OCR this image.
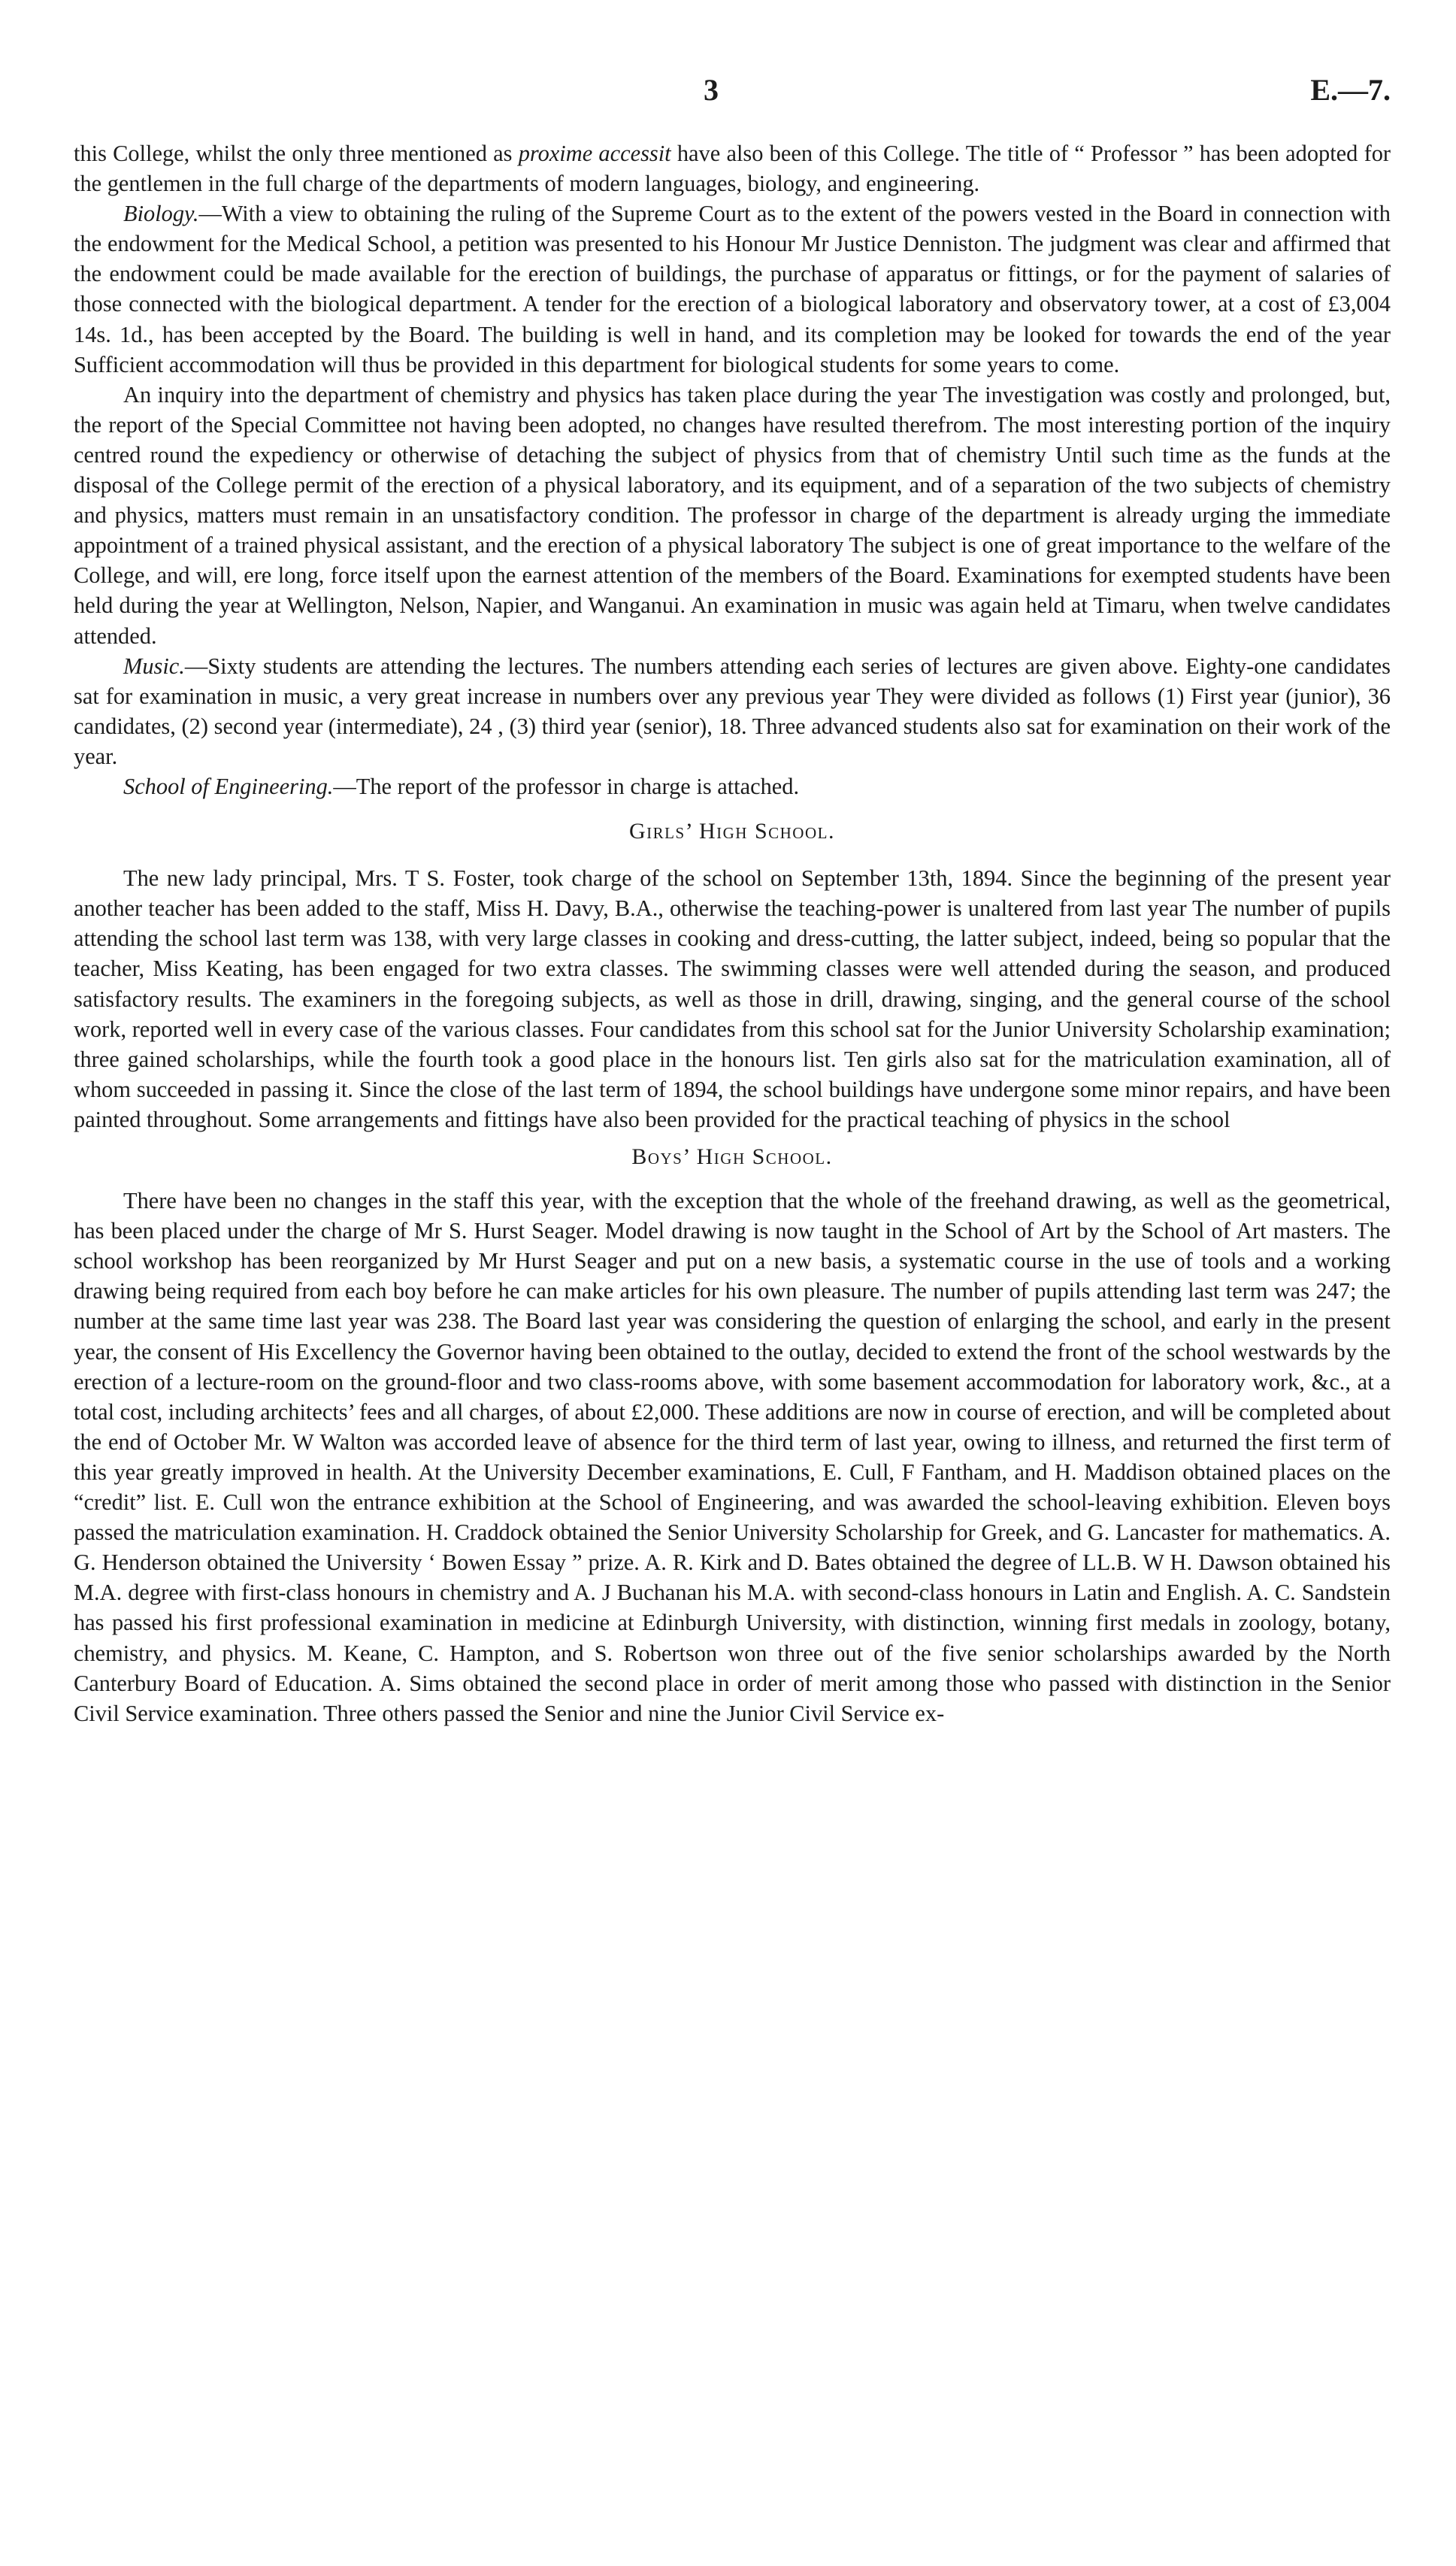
3	E.—7.

this College, whilst the only three mentioned as proxime accessit have also been of this College. The title of “ Professor ” has been adopted for the gentlemen in the full charge of the departments of modern languages, biology, and engineering.

Biology.—With a view to obtaining the ruling of the Supreme Court as to the extent of the powers vested in the Board in connection with the endowment for the Medical School, a petition was presented to his Honour Mr Justice Denniston. The judgment was clear and affirmed that the endowment could be made available for the erection of buildings, the purchase of apparatus or fittings, or for the payment of salaries of those connected with the biological department. A tender for the erection of a biological laboratory and observatory tower, at a cost of £3,004 14s. 1d., has been accepted by the Board. The building is well in hand, and its completion may be looked for towards the end of the year Sufficient accommodation will thus be provided in this department for biological students for some years to come.

An inquiry into the department of chemistry and physics has taken place during the year The investigation was costly and prolonged, but, the report of the Special Committee not having been adopted, no changes have resulted therefrom. The most interesting portion of the inquiry centred round the expediency or otherwise of detaching the subject of physics from that of chemistry Until such time as the funds at the disposal of the College permit of the erection of a physical laboratory, and its equipment, and of a separation of the two subjects of chemistry and physics, matters must remain in an unsatisfactory condition. The professor in charge of the department is already urging the immediate appointment of a trained physical assistant, and the erection of a physical laboratory The subject is one of great importance to the welfare of the College, and will, ere long, force itself upon the earnest attention of the members of the Board. Examinations for exempted students have been held during the year at Wellington, Nelson, Napier, and Wanganui. An examination in music was again held at Timaru, when twelve candidates attended.

Music.—Sixty students are attending the lectures. The numbers attending each series of lectures are given above. Eighty-one candidates sat for examination in music, a very great increase in numbers over any previous year They were divided as follows (1) First year (junior), 36 candidates, (2) second year (intermediate), 24 , (3) third year (senior), 18. Three advanced students also sat for examination on their work of the year.

School of Engineering.—The report of the professor in charge is attached.

Girls’ High School.

The new lady principal, Mrs. T S. Foster, took charge of the school on September 13th, 1894. Since the beginning of the present year another teacher has been added to the staff, Miss H. Davy, B.A., otherwise the teaching-power is unaltered from last year The number of pupils attending the school last term was 138, with very large classes in cooking and dress-cutting, the latter subject, indeed, being so popular that the teacher, Miss Keating, has been engaged for two extra classes. The swimming classes were well attended during the season, and produced satisfactory results. The examiners in the foregoing subjects, as well as those in drill, drawing, singing, and the general course of the school work, reported well in every case of the various classes. Four candidates from this school sat for the Junior University Scholarship examination; three gained scholarships, while the fourth took a good place in the honours list. Ten girls also sat for the matriculation examination, all of whom succeeded in passing it. Since the close of the last term of 1894, the school buildings have undergone some minor repairs, and have been painted throughout. Some arrangements and fittings have also been provided for the practical teaching of physics in the school

Boys’ High School.

There have been no changes in the staff this year, with the exception that the whole of the freehand drawing, as well as the geometrical, has been placed under the charge of Mr S. Hurst Seager. Model drawing is now taught in the School of Art by the School of Art masters. The school workshop has been reorganized by Mr Hurst Seager and put on a new basis, a systematic course in the use of tools and a working drawing being required from each boy before he can make articles for his own pleasure. The number of pupils attending last term was 247; the number at the same time last year was 238. The Board last year was considering the question of enlarging the school, and early in the present year, the consent of His Excellency the Governor having been obtained to the outlay, decided to extend the front of the school westwards by the erection of a lecture-room on the ground-floor and two class-rooms above, with some basement accommodation for laboratory work, &c., at a total cost, including architects’ fees and all charges, of about £2,000. These additions are now in course of erection, and will be completed about the end of October Mr. W Walton was accorded leave of absence for the third term of last year, owing to illness, and returned the first term of this year greatly improved in health. At the University December examinations, E. Cull, F Fantham, and H. Maddison obtained places on the “credit” list. E. Cull won the entrance exhibition at the School of Engineering, and was awarded the school-leaving exhibition. Eleven boys passed the matriculation examination. H. Craddock obtained the Senior University Scholarship for Greek, and G. Lancaster for mathematics. A. G. Henderson obtained the University ‘ Bowen Essay ” prize. A. R. Kirk and D. Bates obtained the degree of LL.B. W H. Dawson obtained his M.A. degree with first-class honours in chemistry and A. J Buchanan his M.A. with second-class honours in Latin and English. A. C. Sandstein has passed his first professional examination in medicine at Edinburgh University, with distinction, winning first medals in zoology, botany, chemistry, and physics. M. Keane, C. Hampton, and S. Robertson won three out of the five senior scholarships awarded by the North Canterbury Board of Education. A. Sims obtained the second place in order of merit among those who passed with distinction in the Senior Civil Service examination. Three others passed the Senior and nine the Junior Civil Service ex-
